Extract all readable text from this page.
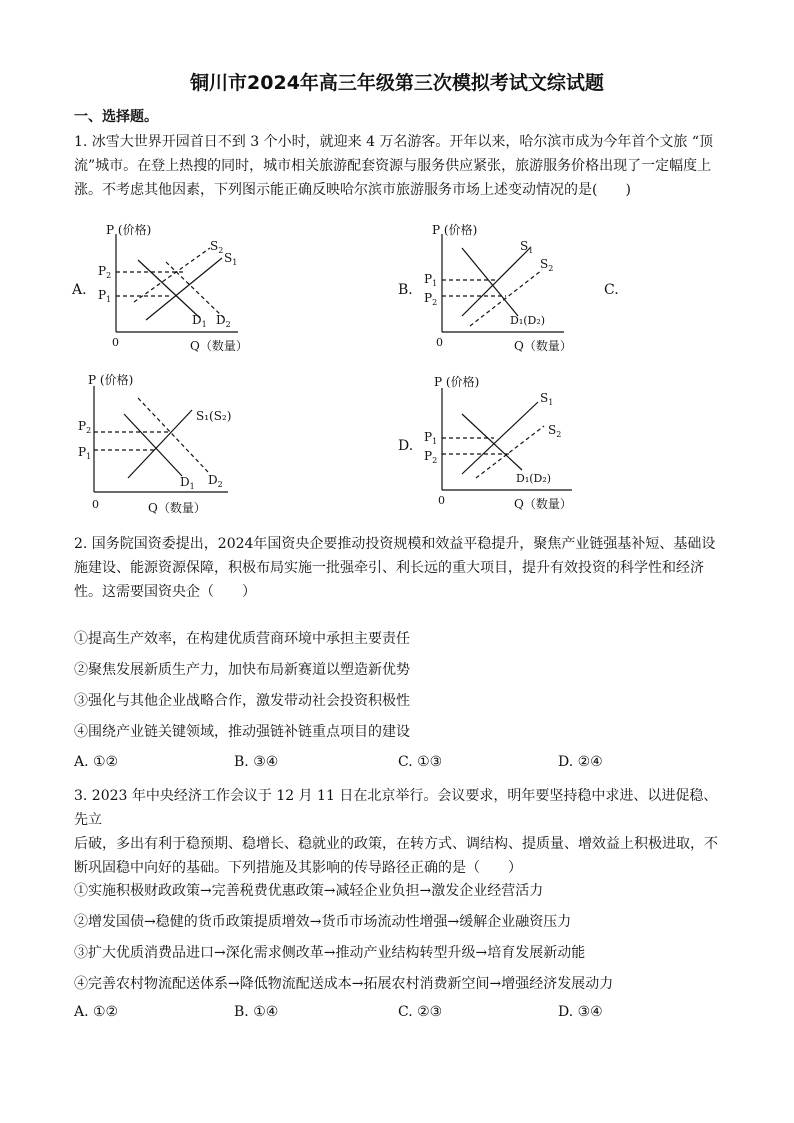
铜川市2024年高三年级第三次模拟考试文综试题
一、选择题。
1. 冰雪大世界开园首日不到 3 个小时，就迎来 4 万名游客。开年以来，哈尔滨市成为今年首个文旅 “顶
流”城市。在登上热搜的同时，城市相关旅游配套资源与服务供应紧张，旅游服务价格出现了一定幅度上
涨。不考虑其他因素，下列图示能正确反映哈尔滨市旅游服务市场上述变动情况的是(　　)
A.	B.	C.
D.
P (价格)
0	Q（数量）
$P_2$
$P_1$
$S_2$
$S_1$
$D_1$ $D_2$
P (价格)
0	Q（数量）
$P_1$
$P_2$
$S_1$
$S_2$
D₁(D₂)
P (价格)
0	Q（数量）
$P_2$
$P_1$
S₁(S₂)
$D_1$ $D_2$
P (价格)
0	Q（数量）
$P_1$
$P_2$
$S_1$
$S_2$
D₁(D₂)
2. 国务院国资委提出，2024年国资央企要推动投资规模和效益平稳提升，聚焦产业链强基补短、基础设
施建设、能源资源保障，积极布局实施一批强牵引、利长远的重大项目，提升有效投资的科学性和经济
性。这需要国资央企（　　）
①提高生产效率，在构建优质营商环境中承担主要责任
②聚焦发展新质生产力，加快布局新赛道以塑造新优势
③强化与其他企业战略合作，激发带动社会投资积极性
④围绕产业链关键领域，推动强链补链重点项目的建设
A. ①②	B. ③④	C. ①③	D. ②④
3. 2023 年中央经济工作会议于 12 月 11 日在北京举行。会议要求，明年要坚持稳中求进、以进促稳、先立
后破，多出有利于稳预期、稳增长、稳就业的政策，在转方式、调结构、提质量、增效益上积极进取，不
断巩固稳中向好的基础。下列措施及其影响的传导路径正确的是（　　）
①实施积极财政政策→完善税费优惠政策→减轻企业负担→激发企业经营活力
②增发国债→稳健的货币政策提质增效→货币市场流动性增强→缓解企业融资压力
③扩大优质消费品进口→深化需求侧改革→推动产业结构转型升级→培育发展新动能
④完善农村物流配送体系→降低物流配送成本→拓展农村消费新空间→增强经济发展动力
A. ①②	B. ①④	C. ②③	D. ③④
